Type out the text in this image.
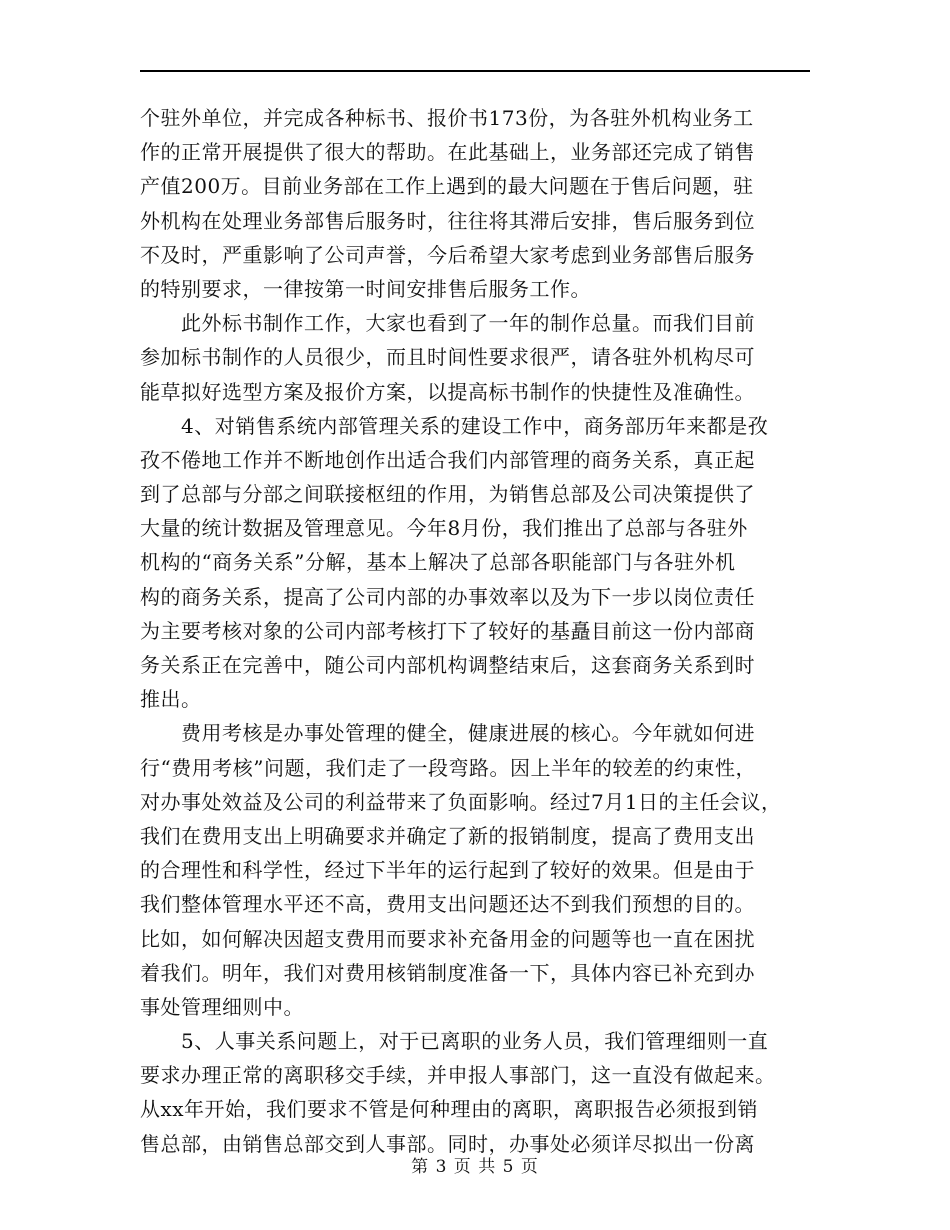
个驻外单位，并完成各种标书、报价书173份，为各驻外机构业务工
作的正常开展提供了很大的帮助。在此基础上，业务部还完成了销售
产值200万。目前业务部在工作上遇到的最大问题在于售后问题，驻
外机构在处理业务部售后服务时，往往将其滞后安排，售后服务到位
不及时，严重影响了公司声誉，今后希望大家考虑到业务部售后服务
的特别要求，一律按第一时间安排售后服务工作。
　　此外标书制作工作，大家也看到了一年的制作总量。而我们目前
参加标书制作的人员很少，而且时间性要求很严，请各驻外机构尽可
能草拟好选型方案及报价方案，以提高标书制作的快捷性及准确性。
　　4、对销售系统内部管理关系的建设工作中，商务部历年来都是孜
孜不倦地工作并不断地创作出适合我们内部管理的商务关系，真正起
到了总部与分部之间联接枢纽的作用，为销售总部及公司决策提供了
大量的统计数据及管理意见。今年8月份，我们推出了总部与各驻外
机构的“商务关系”分解，基本上解决了总部各职能部门与各驻外机
构的商务关系，提高了公司内部的办事效率以及为下一步以岗位责任
为主要考核对象的公司内部考核打下了较好的基矗目前这一份内部商
务关系正在完善中，随公司内部机构调整结束后，这套商务关系到时
推出。
　　费用考核是办事处管理的健全，健康进展的核心。今年就如何进
行“费用考核”问题，我们走了一段弯路。因上半年的较差的约束性，
对办事处效益及公司的利益带来了负面影响。经过7月1日的主任会议，
我们在费用支出上明确要求并确定了新的报销制度，提高了费用支出
的合理性和科学性，经过下半年的运行起到了较好的效果。但是由于
我们整体管理水平还不高，费用支出问题还达不到我们预想的目的。
比如，如何解决因超支费用而要求补充备用金的问题等也一直在困扰
着我们。明年，我们对费用核销制度准备一下，具体内容已补充到办
事处管理细则中。
　　5、人事关系问题上，对于已离职的业务人员，我们管理细则一直
要求办理正常的离职移交手续，并申报人事部门，这一直没有做起来。
从xx年开始，我们要求不管是何种理由的离职，离职报告必须报到销
售总部，由销售总部交到人事部。同时，办事处必须详尽拟出一份离
第 3 页 共 5 页
